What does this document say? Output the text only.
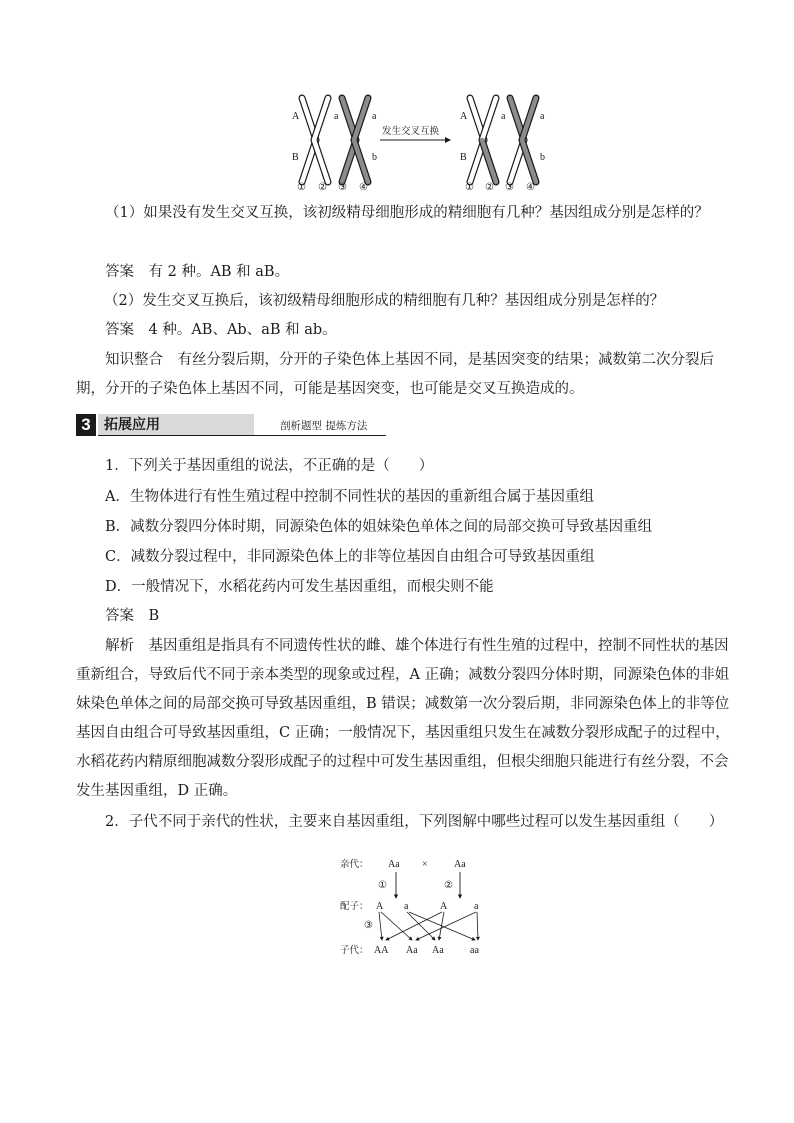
A	a	a
B	b
① ② ③ ④
发生交叉互换
A	a	a
B	b
① ② ③ ④

（1）如果没有发生交叉互换，该初级精母细胞形成的精细胞有几种？基因组成分别是怎样的？

答案　有 2 种。AB 和 aB。

（2）发生交叉互换后，该初级精母细胞形成的精细胞有几种？基因组成分别是怎样的？

答案　4 种。AB、Ab、aB 和 ab。

知识整合　有丝分裂后期，分开的子染色体上基因不同，是基因突变的结果；减数第二次分裂后期，分开的子染色体上基因不同，可能是基因突变，也可能是交叉互换造成的。

3 拓展应用	剖析题型 提炼方法

1．下列关于基因重组的说法，不正确的是（　　）

A．生物体进行有性生殖过程中控制不同性状的基因的重新组合属于基因重组

B．减数分裂四分体时期，同源染色体的姐妹染色单体之间的局部交换可导致基因重组

C．减数分裂过程中，非同源染色体上的非等位基因自由组合可导致基因重组

D．一般情况下，水稻花药内可发生基因重组，而根尖则不能

答案　B

解析　基因重组是指具有不同遗传性状的雌、雄个体进行有性生殖的过程中，控制不同性状的基因重新组合，导致后代不同于亲本类型的现象或过程，A 正确；减数分裂四分体时期，同源染色体的非姐妹染色单体之间的局部交换可导致基因重组，B 错误；减数第一次分裂后期，非同源染色体上的非等位基因自由组合可导致基因重组，C 正确；一般情况下，基因重组只发生在减数分裂形成配子的过程中，水稻花药内精原细胞减数分裂形成配子的过程中可发生基因重组，但根尖细胞只能进行有丝分裂，不会发生基因重组，D 正确。

2．子代不同于亲代的性状，主要来自基因重组，下列图解中哪些过程可以发生基因重组（　　）

亲代： Aa ×	Aa
①	②
配子： A a	A	a
③
子代： AA Aa Aa	aa
